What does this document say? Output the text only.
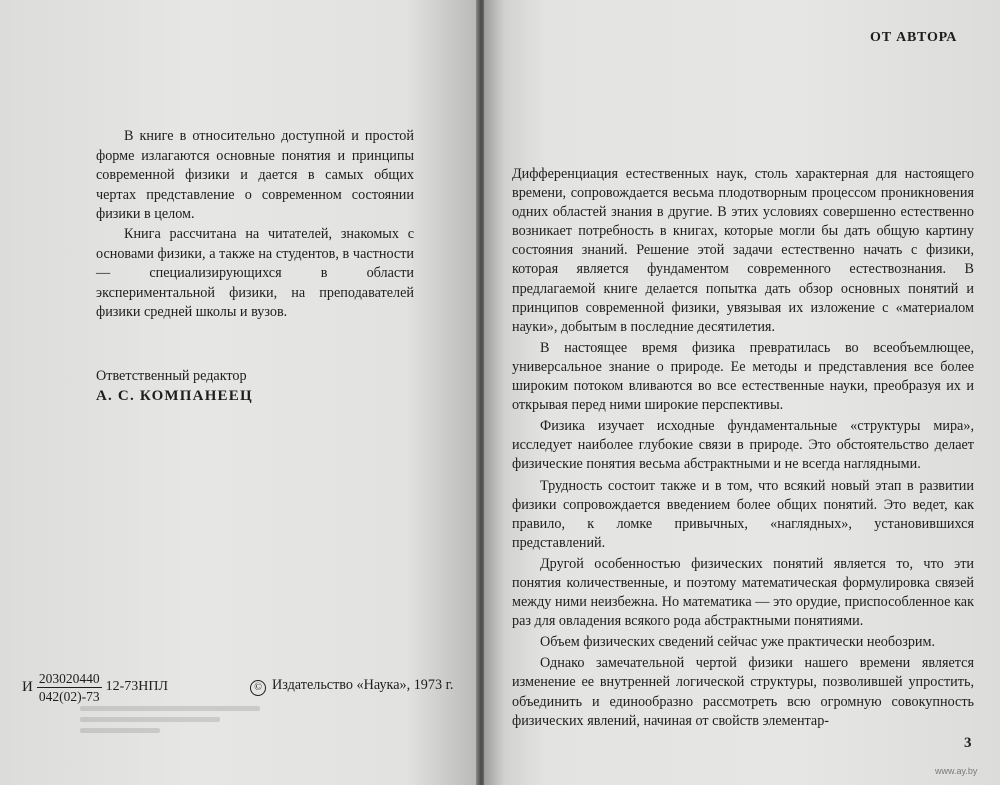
В книге в относительно доступной и простой форме излагаются основные понятия и принципы современной физики и дается в самых общих чертах представление о современном состоянии физики в целом.

Книга рассчитана на читателей, знакомых с основами физики, а также на студентов, в частности — специализирующихся в области экспериментальной физики, на преподавателей физики средней школы и вузов.

Ответственный редактор
А. С. КОМПАНЕЕЦ
И $\frac{203020440}{042(02)-73} 12-73НПЛ$	© Издательство «Наука», 1973 г.
ОТ АВТОРА

Дифференциация естественных наук, столь характерная для настоящего времени, сопровождается весьма плодотворным процессом проникновения одних областей знания в другие. В этих условиях совершенно естественно возникает потребность в книгах, которые могли бы дать общую картину состояния знаний. Решение этой задачи естественно начать с физики, которая является фундаментом современного естествознания. В предлагаемой книге делается попытка дать обзор основных понятий и принципов современной физики, увязывая их изложение с «материалом науки», добытым в последние десятилетия.

В настоящее время физика превратилась во всеобъемлющее, универсальное знание о природе. Ее методы и представления все более широким потоком вливаются во все естественные науки, преобразуя их и открывая перед ними широкие перспективы.

Физика изучает исходные фундаментальные «структуры мира», исследует наиболее глубокие связи в природе. Это обстоятельство делает физические понятия весьма абстрактными и не всегда наглядными.

Трудность состоит также и в том, что всякий новый этап в развитии физики сопровождается введением более общих понятий. Это ведет, как правило, к ломке привычных, «наглядных», установившихся представлений.

Другой особенностью физических понятий является то, что эти понятия количественные, и поэтому математическая формулировка связей между ними неизбежна. Но математика — это орудие, приспособленное как раз для овладения всякого рода абстрактными понятиями.

Объем физических сведений сейчас уже практически необозрим.

Однако замечательной чертой физики нашего времени является изменение ее внутренней логической структуры, позволившей упростить, объединить и единообразно рассмотреть всю огромную совокупность физических явлений, начиная от свойств элементар-

3
www.ay.by
